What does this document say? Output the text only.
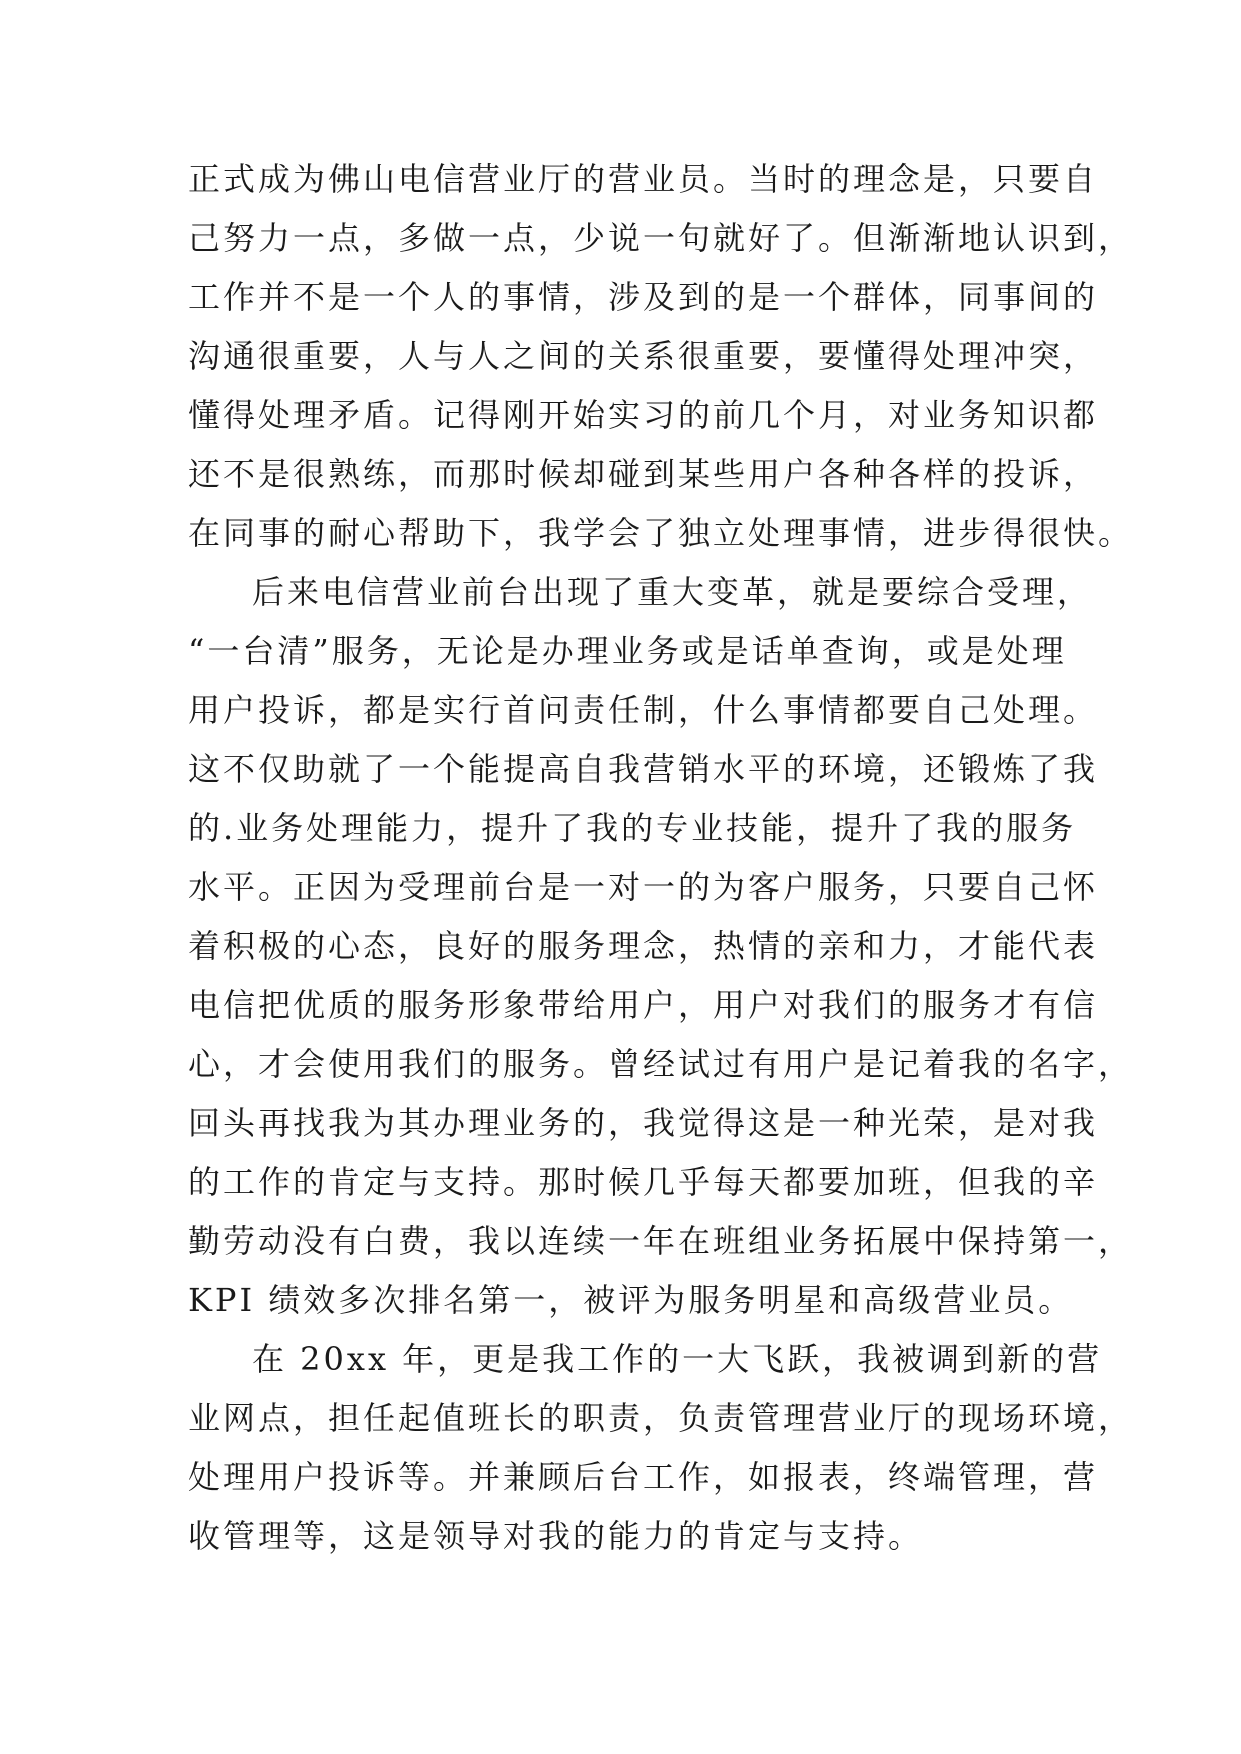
正式成为佛山电信营业厅的营业员。当时的理念是，只要自
己努力一点，多做一点，少说一句就好了。但渐渐地认识到，
工作并不是一个人的事情，涉及到的是一个群体，同事间的
沟通很重要，人与人之间的关系很重要，要懂得处理冲突，
懂得处理矛盾。记得刚开始实习的前几个月，对业务知识都
还不是很熟练，而那时候却碰到某些用户各种各样的投诉，
在同事的耐心帮助下，我学会了独立处理事情，进步得很快。
后来电信营业前台出现了重大变革，就是要综合受理，
“一台清”服务，无论是办理业务或是话单查询，或是处理
用户投诉，都是实行首问责任制，什么事情都要自己处理。
这不仅助就了一个能提高自我营销水平的环境，还锻炼了我
的.业务处理能力，提升了我的专业技能，提升了我的服务
水平。正因为受理前台是一对一的为客户服务，只要自己怀
着积极的心态，良好的服务理念，热情的亲和力，才能代表
电信把优质的服务形象带给用户，用户对我们的服务才有信
心，才会使用我们的服务。曾经试过有用户是记着我的名字，
回头再找我为其办理业务的，我觉得这是一种光荣，是对我
的工作的肯定与支持。那时候几乎每天都要加班，但我的辛
勤劳动没有白费，我以连续一年在班组业务拓展中保持第一，
KPI 绩效多次排名第一，被评为服务明星和高级营业员。
在 20xx 年，更是我工作的一大飞跃，我被调到新的营
业网点，担任起值班长的职责，负责管理营业厅的现场环境，
处理用户投诉等。并兼顾后台工作，如报表，终端管理，营
收管理等，这是领导对我的能力的肯定与支持。
